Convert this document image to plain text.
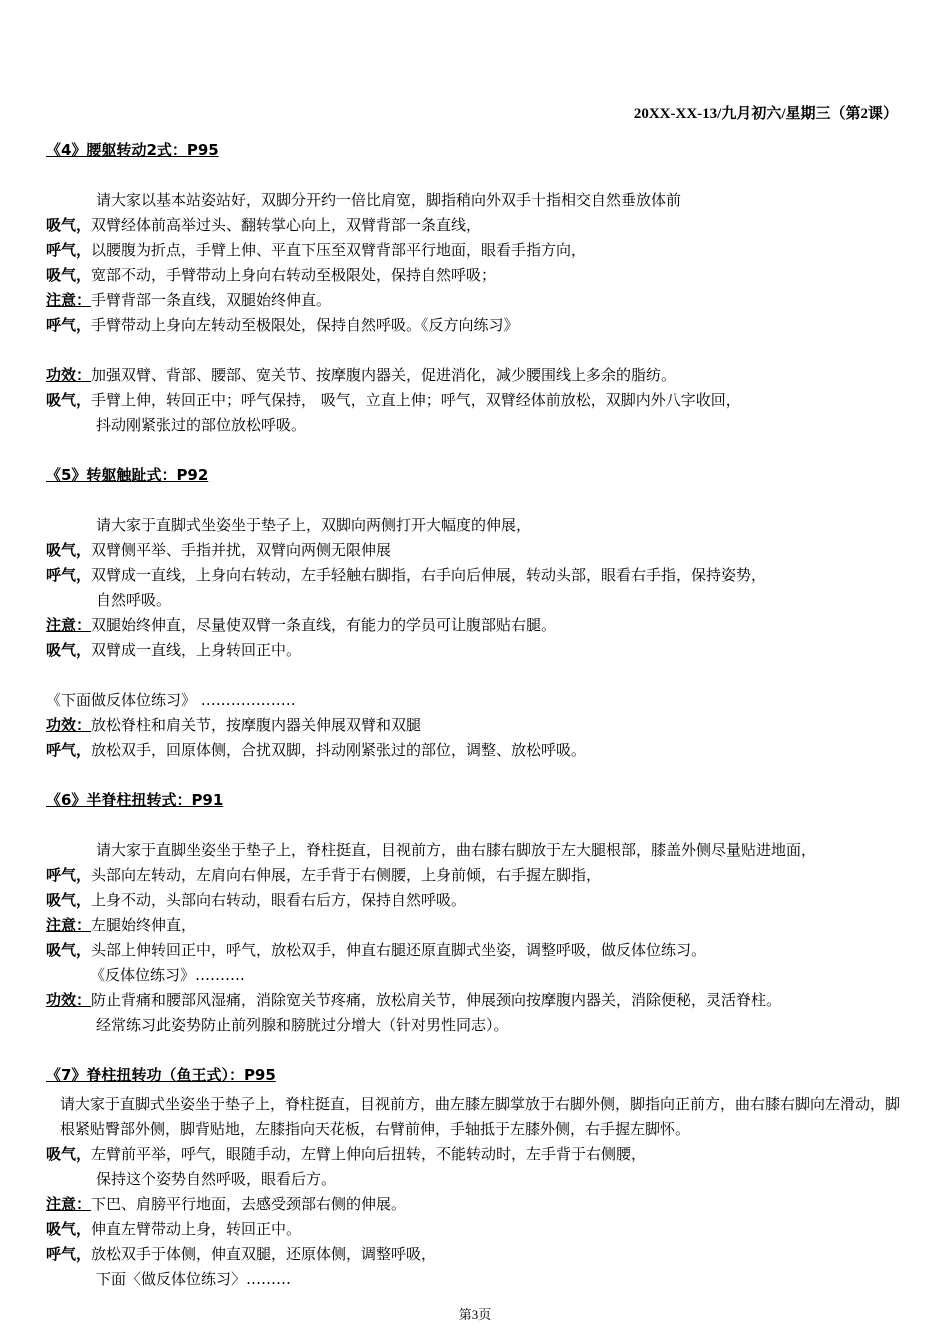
20XX-XX-13/九月初六/星期三（第2课）
《4》腰躯转动2式：P95
请大家以基本站姿站好，双脚分开约一倍比肩宽，脚指稍向外双手十指相交自然垂放体前
吸气，双臂经体前高举过头、翻转掌心向上，双臂背部一条直线，
呼气，以腰腹为折点，手臂上伸、平直下压至双臂背部平行地面，眼看手指方向，
吸气，宽部不动，手臂带动上身向右转动至极限处，保持自然呼吸；
注意：手臂背部一条直线，双腿始终伸直。
呼气，手臂带动上身向左转动至极限处，保持自然呼吸。《反方向练习》
功效：加强双臂、背部、腰部、宽关节、按摩腹内器关，促进消化，减少腰围线上多余的脂纺。
吸气，手臂上伸，转回正中；呼气保持， 吸气，立直上伸；呼气，双臂经体前放松，双脚内外八字收回，
抖动刚紧张过的部位放松呼吸。
《5》转躯触趾式：P92
请大家于直脚式坐姿坐于垫子上，双脚向两侧打开大幅度的伸展，
吸气，双臂侧平举、手指并扰，双臂向两侧无限伸展
呼气，双臂成一直线，上身向右转动，左手轻触右脚指，右手向后伸展，转动头部，眼看右手指，保持姿势，
自然呼吸。
注意：双腿始终伸直，尽量使双臂一条直线，有能力的学员可让腹部贴右腿。
吸气，双臂成一直线，上身转回正中。
《下面做反体位练习》 ……………….
功效：放松脊柱和肩关节，按摩腹内器关伸展双臂和双腿
呼气，放松双手，回原体侧，合扰双脚，抖动刚紧张过的部位，调整、放松呼吸。
《6》半脊柱扭转式：P91
请大家于直脚坐姿坐于垫子上，脊柱挺直，目视前方，曲右膝右脚放于左大腿根部，膝盖外侧尽量贴进地面，
呼气，头部向左转动，左肩向右伸展，左手背于右侧腰，上身前倾，右手握左脚指，
吸气，上身不动，头部向右转动，眼看右后方，保持自然呼吸。
注意：左腿始终伸直，
吸气，头部上伸转回正中，呼气，放松双手，伸直右腿还原直脚式坐姿，调整呼吸，做反体位练习。
《反体位练习》……….
功效：防止背痛和腰部风湿痛，消除宽关节疼痛，放松肩关节，伸展颈向按摩腹内器关，消除便秘，灵活脊柱。
经常练习此姿势防止前列腺和膀胱过分增大（针对男性同志）。
《7》脊柱扭转功（鱼王式）：P95
请大家于直脚式坐姿坐于垫子上，脊柱挺直，目视前方，曲左膝左脚掌放于右脚外侧，脚指向正前方，曲右膝右脚向左滑动，脚根紧贴臀部外侧，脚背贴地，左膝指向天花板，右臂前伸，手轴抵于左膝外侧，右手握左脚怀。
吸气，左臂前平举，呼气，眼随手动，左臂上伸向后扭转，不能转动时，左手背于右侧腰，
保持这个姿势自然呼吸，眼看后方。
注意：下巴、肩膀平行地面，去感受颈部右侧的伸展。
吸气，伸直左臂带动上身，转回正中。
呼气，放松双手于体侧，伸直双腿，还原体侧，调整呼吸，
下面〈做反体位练习〉………
第3页
